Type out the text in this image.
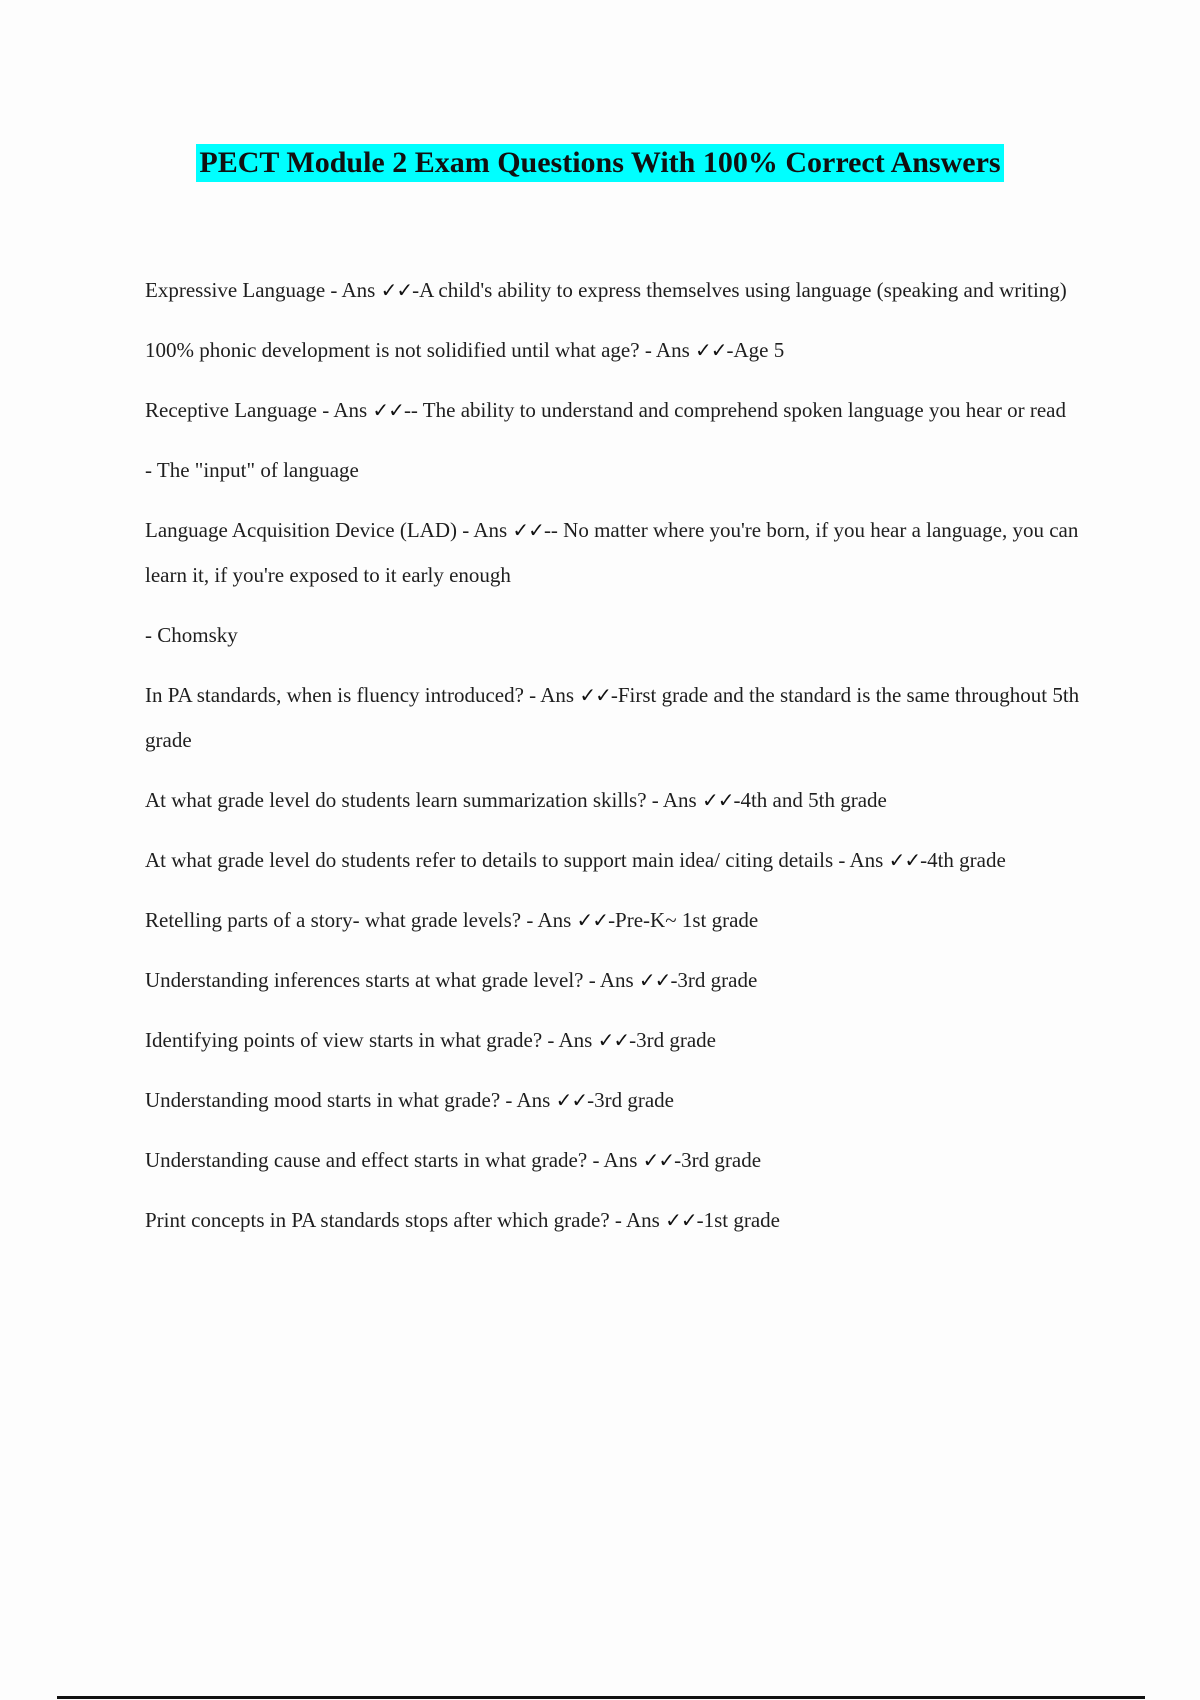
PECT Module 2 Exam Questions With 100% Correct Answers

Expressive Language - Ans ✓✓-A child's ability to express themselves using language (speaking and writing)

100% phonic development is not solidified until what age? - Ans ✓✓-Age 5

Receptive Language - Ans ✓✓-- The ability to understand and comprehend spoken language you hear or read

- The "input" of language

Language Acquisition Device (LAD) - Ans ✓✓-- No matter where you're born, if you hear a language, you can learn it, if you're exposed to it early enough

- Chomsky

In PA standards, when is fluency introduced? - Ans ✓✓-First grade and the standard is the same throughout 5th grade

At what grade level do students learn summarization skills? - Ans ✓✓-4th and 5th grade

At what grade level do students refer to details to support main idea/ citing details - Ans ✓✓-4th grade

Retelling parts of a story- what grade levels? - Ans ✓✓-Pre-K~ 1st grade

Understanding inferences starts at what grade level? - Ans ✓✓-3rd grade

Identifying points of view starts in what grade? - Ans ✓✓-3rd grade

Understanding mood starts in what grade? - Ans ✓✓-3rd grade

Understanding cause and effect starts in what grade? - Ans ✓✓-3rd grade

Print concepts in PA standards stops after which grade? - Ans ✓✓-1st grade
